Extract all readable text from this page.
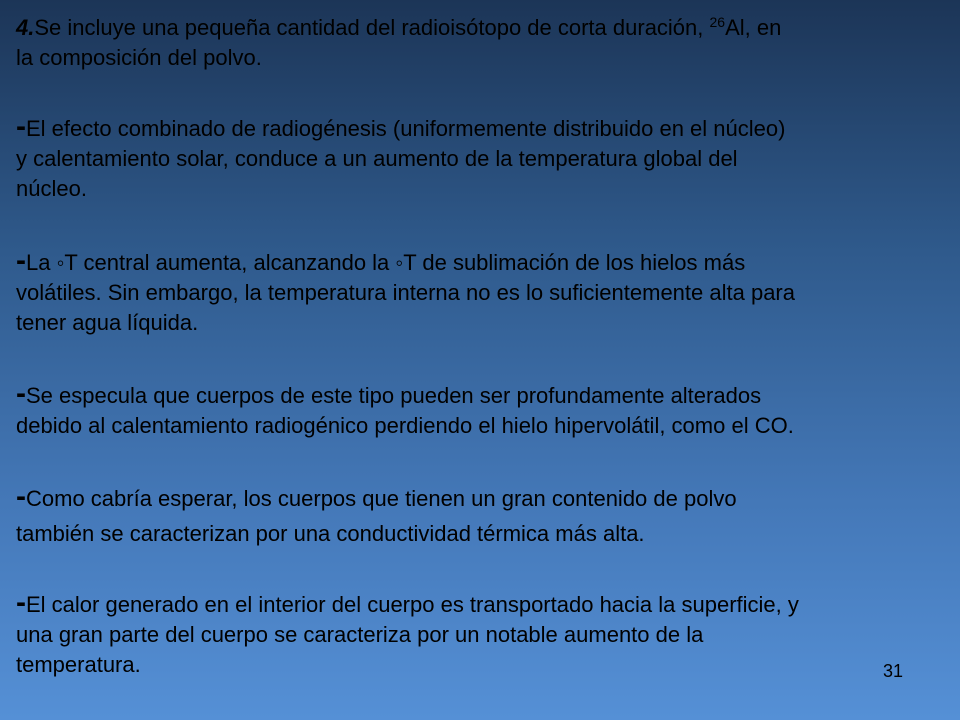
4.Se incluye una pequeña cantidad del radioisótopo de corta duración, $^{26}$Al, en
la composición del polvo.
-El efecto combinado de radiogénesis (uniformemente distribuido en el núcleo)
y calentamiento solar, conduce a un aumento de la temperatura global del
núcleo.
-La ◦T central aumenta, alcanzando la ◦T de sublimación de los hielos más
volátiles. Sin embargo, la temperatura interna no es lo suficientemente alta para
tener agua líquida.
-Se especula que cuerpos de este tipo pueden ser profundamente alterados
debido al calentamiento radiogénico perdiendo el hielo hipervolátil, como el CO.
-Como cabría esperar, los cuerpos que tienen un gran contenido de polvo
también se caracterizan por una conductividad térmica más alta.
-El calor generado en el interior del cuerpo es transportado hacia la superficie, y
una gran parte del cuerpo se caracteriza por un notable aumento de la
temperatura.	31
